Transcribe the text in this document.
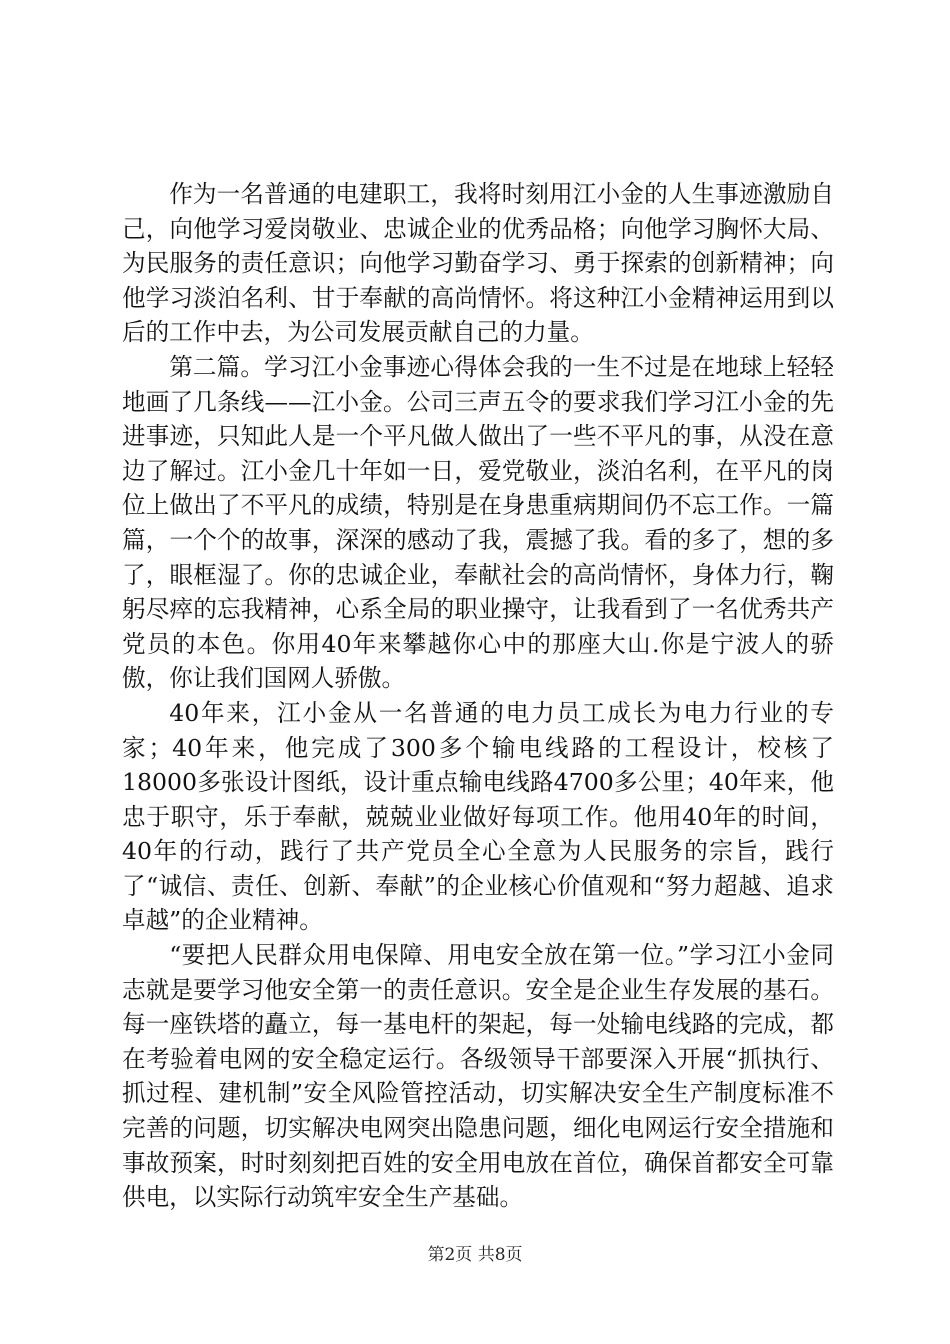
作为一名普通的电建职工，我将时刻用江小金的人生事迹激励自己，向他学习爱岗敬业、忠诚企业的优秀品格；向他学习胸怀大局、为民服务的责任意识；向他学习勤奋学习、勇于探索的创新精神；向他学习淡泊名利、甘于奉献的高尚情怀。将这种江小金精神运用到以后的工作中去，为公司发展贡献自己的力量。

第二篇。学习江小金事迹心得体会我的一生不过是在地球上轻轻地画了几条线——江小金。公司三声五令的要求我们学习江小金的先进事迹，只知此人是一个平凡做人做出了一些不平凡的事，从没在意边了解过。江小金几十年如一日，爱党敬业，淡泊名利，在平凡的岗位上做出了不平凡的成绩，特别是在身患重病期间仍不忘工作。一篇篇，一个个的故事，深深的感动了我，震撼了我。看的多了，想的多了，眼框湿了。你的忠诚企业，奉献社会的高尚情怀，身体力行，鞠躬尽瘁的忘我精神，心系全局的职业操守，让我看到了一名优秀共产党员的本色。你用40年来攀越你心中的那座大山.你是宁波人的骄傲，你让我们国网人骄傲。

40年来，江小金从一名普通的电力员工成长为电力行业的专家；40年来，他完成了300多个输电线路的工程设计，校核了18000多张设计图纸，设计重点输电线路4700多公里；40年来，他忠于职守，乐于奉献，兢兢业业做好每项工作。他用40年的时间，40年的行动，践行了共产党员全心全意为人民服务的宗旨，践行了“诚信、责任、创新、奉献”的企业核心价值观和“努力超越、追求卓越”的企业精神。

“要把人民群众用电保障、用电安全放在第一位。”学习江小金同志就是要学习他安全第一的责任意识。安全是企业生存发展的基石。每一座铁塔的矗立，每一基电杆的架起，每一处输电线路的完成，都在考验着电网的安全稳定运行。各级领导干部要深入开展“抓执行、抓过程、建机制”安全风险管控活动，切实解决安全生产制度标准不完善的问题，切实解决电网突出隐患问题，细化电网运行安全措施和事故预案，时时刻刻把百姓的安全用电放在首位，确保首都安全可靠供电，以实际行动筑牢安全生产基础。

第2页 共8页
